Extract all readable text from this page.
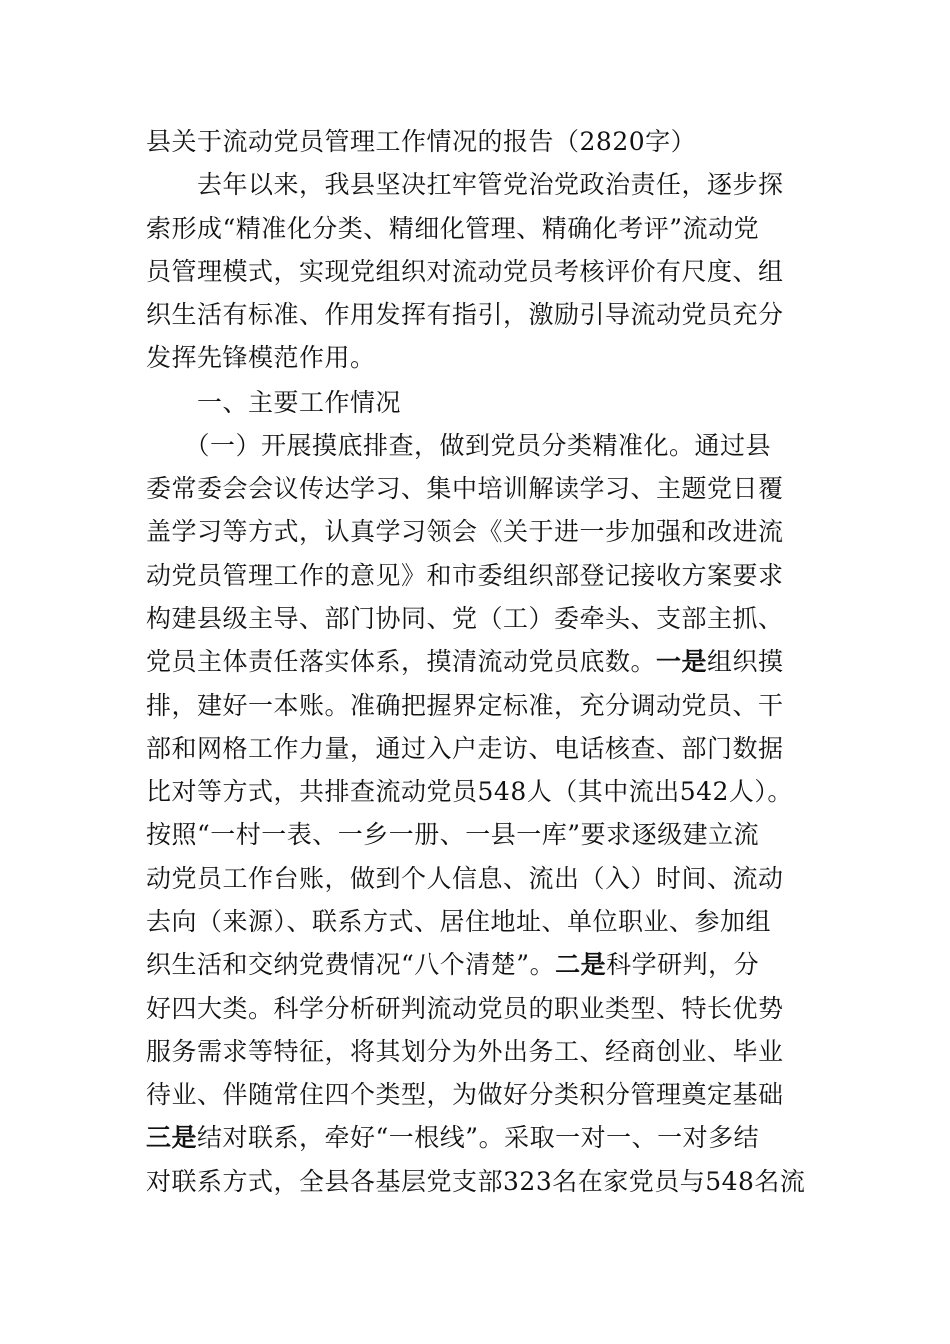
县关于流动党员管理工作情况的报告（2820字）
　　去年以来，我县坚决扛牢管党治党政治责任，逐步探
索形成“精准化分类、精细化管理、精确化考评”流动党
员管理模式，实现党组织对流动党员考核评价有尺度、组
织生活有标准、作用发挥有指引，激励引导流动党员充分
发挥先锋模范作用。
　　一、主要工作情况
　　（一）开展摸底排查，做到党员分类精准化。通过县
委常委会会议传达学习、集中培训解读学习、主题党日覆
盖学习等方式，认真学习领会《关于进一步加强和改进流
动党员管理工作的意见》和市委组织部登记接收方案要求
构建县级主导、部门协同、党（工）委牵头、支部主抓、
党员主体责任落实体系，摸清流动党员底数。一是组织摸
排，建好一本账。准确把握界定标准，充分调动党员、干
部和网格工作力量，通过入户走访、电话核查、部门数据
比对等方式，共排查流动党员548人（其中流出542人）。
按照“一村一表、一乡一册、一县一库”要求逐级建立流
动党员工作台账，做到个人信息、流出（入）时间、流动
去向（来源）、联系方式、居住地址、单位职业、参加组
织生活和交纳党费情况“八个清楚”。二是科学研判，分
好四大类。科学分析研判流动党员的职业类型、特长优势
服务需求等特征，将其划分为外出务工、经商创业、毕业
待业、伴随常住四个类型，为做好分类积分管理奠定基础
三是结对联系，牵好“一根线”。采取一对一、一对多结
对联系方式，全县各基层党支部323名在家党员与548名流
